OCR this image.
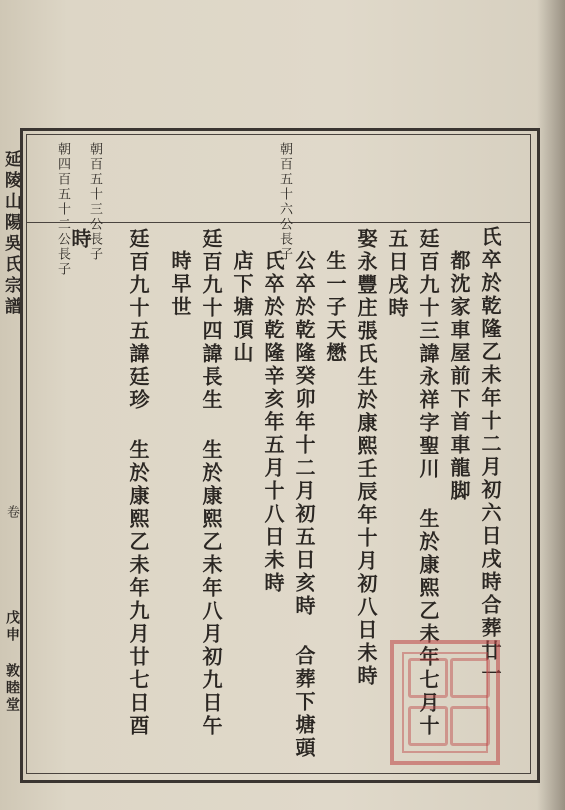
延陵山陽吳氏宗譜
卷
戊申 敦睦堂
朝百五十六公長子
朝百五十三公長子
朝四百五十二公長子
氏卒於乾隆乙未年十二月初六日戌時合葬廿一
都沈家車屋前下首車龍脚
廷百九十三諱永祥字聖川 生於康熙乙未年七月十
五日戌時
娶永豐庄張氏生於康熙壬辰年十月初八日未時
生一子天懋
公卒於乾隆癸卯年十二月初五日亥時 合葬下塘頭
氏卒於乾隆辛亥年五月十八日未時
店下塘頂山
廷百九十四諱長生 生於康熙乙未年八月初九日午
時早世
廷百九十五諱廷珍 生於康熙乙未年九月廿七日酉
時
